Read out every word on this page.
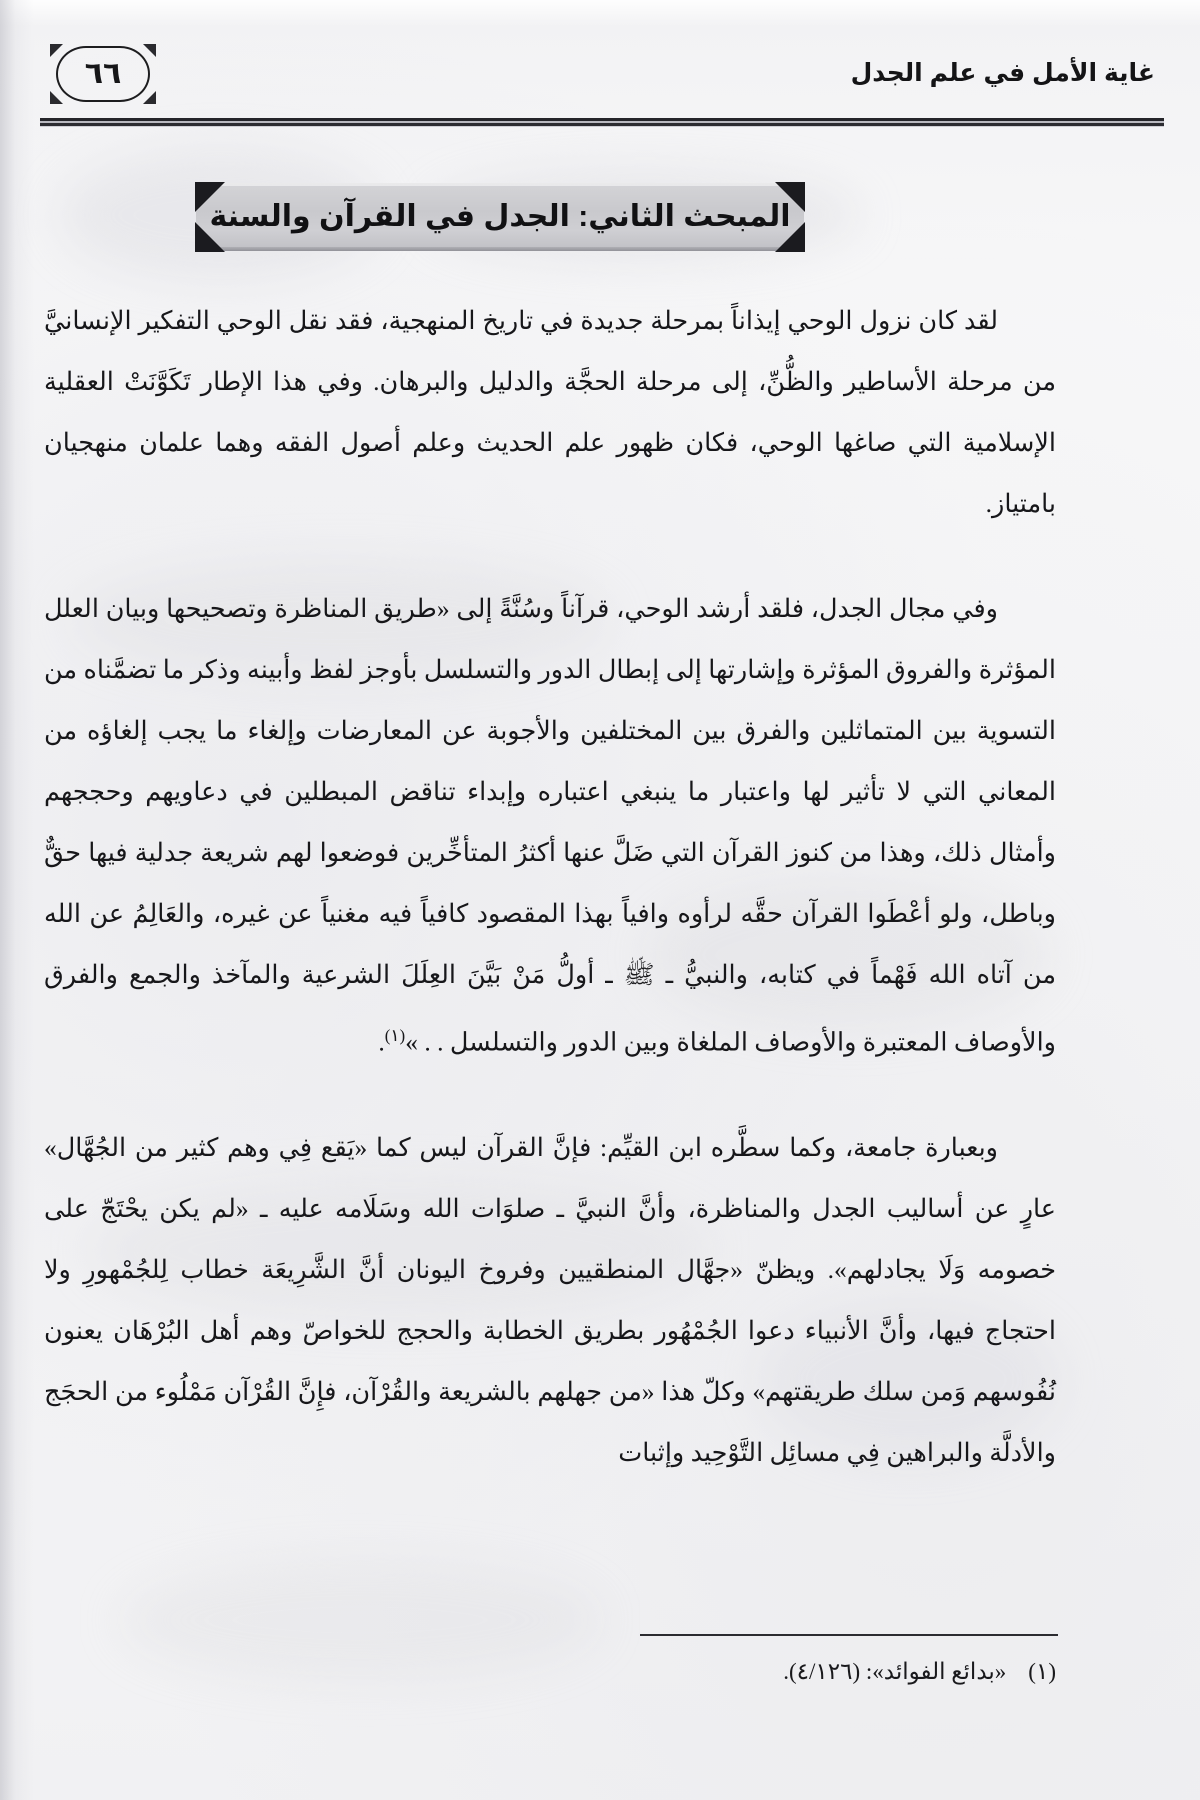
غاية الأمل في علم الجدل
٦٦
المبحث الثاني: الجدل في القرآن والسنة

لقد كان نزول الوحي إيذاناً بمرحلة جديدة في تاريخ المنهجية، فقد نقل الوحي التفكير الإنسانيَّ من مرحلة الأساطير والظُّنِّ، إلى مرحلة الحجَّة والدليل والبرهان. وفي هذا الإطار تَكَوَّنَتْ العقلية الإسلامية التي صاغها الوحي، فكان ظهور علم الحديث وعلم أصول الفقه وهما علمان منهجيان بامتياز.

وفي مجال الجدل، فلقد أرشد الوحي، قرآناً وسُنَّةً إلى «طريق المناظرة وتصحيحها وبيان العلل المؤثرة والفروق المؤثرة وإشارتها إلى إبطال الدور والتسلسل بأوجز لفظ وأبينه وذكر ما تضمَّناه من التسوية بين المتماثلين والفرق بين المختلفين والأجوبة عن المعارضات وإلغاء ما يجب إلغاؤه من المعاني التي لا تأثير لها واعتبار ما ينبغي اعتباره وإبداء تناقض المبطلين في دعاويهم وحججهم وأمثال ذلك، وهذا من كنوز القرآن التي ضَلَّ عنها أكثرُ المتأخِّرين فوضعوا لهم شريعة جدلية فيها حقٌّ وباطل، ولو أعْطَوا القرآن حقَّه لرأوه وافياً بهذا المقصود كافياً فيه مغنياً عن غيره، والعَالِمُ عن الله من آتاه الله فَهْماً في كتابه، والنبيُّ ـ ﷺ ـ أولُّ مَنْ بَيَّنَ العِلَلَ الشرعية والمآخذ والجمع والفرق والأوصاف المعتبرة والأوصاف الملغاة وبين الدور والتسلسل . . »$^{(١)}$.

وبعبارة جامعة، وكما سطَّره ابن القيِّم: فإنَّ القرآن ليس كما «يَقع فِي وهم كثير من الجُهَّال» عارٍ عن أساليب الجدل والمناظرة، وأنَّ النبيَّ ـ صلوَات الله وسَلَامه عليه ـ «لم يكن يحْتَجّ على خصومه وَلَا يجادلهم». ويظنّ «جهَّال المنطقيين وفروخ اليونان أنَّ الشَّرِيعَة خطاب لِلجُمْهورِ ولا احتجاج فيها، وأنَّ الأنبياء دعوا الجُمْهُور بطريق الخطابة والحجج للخواصّ وهم أهل البُرْهَان يعنون نُفُوسهم وَمن سلك طريقتهم» وكلّ هذا «من جهلهم بالشريعة والقُرْآن، فإِنَّ القُرْآن مَمْلُوء من الحجَج والأدلَّة والبراهين فِي مسائِل التَّوْحِيد وإثبات

(١)«بدائع الفوائد»: (٤/١٢٦).
